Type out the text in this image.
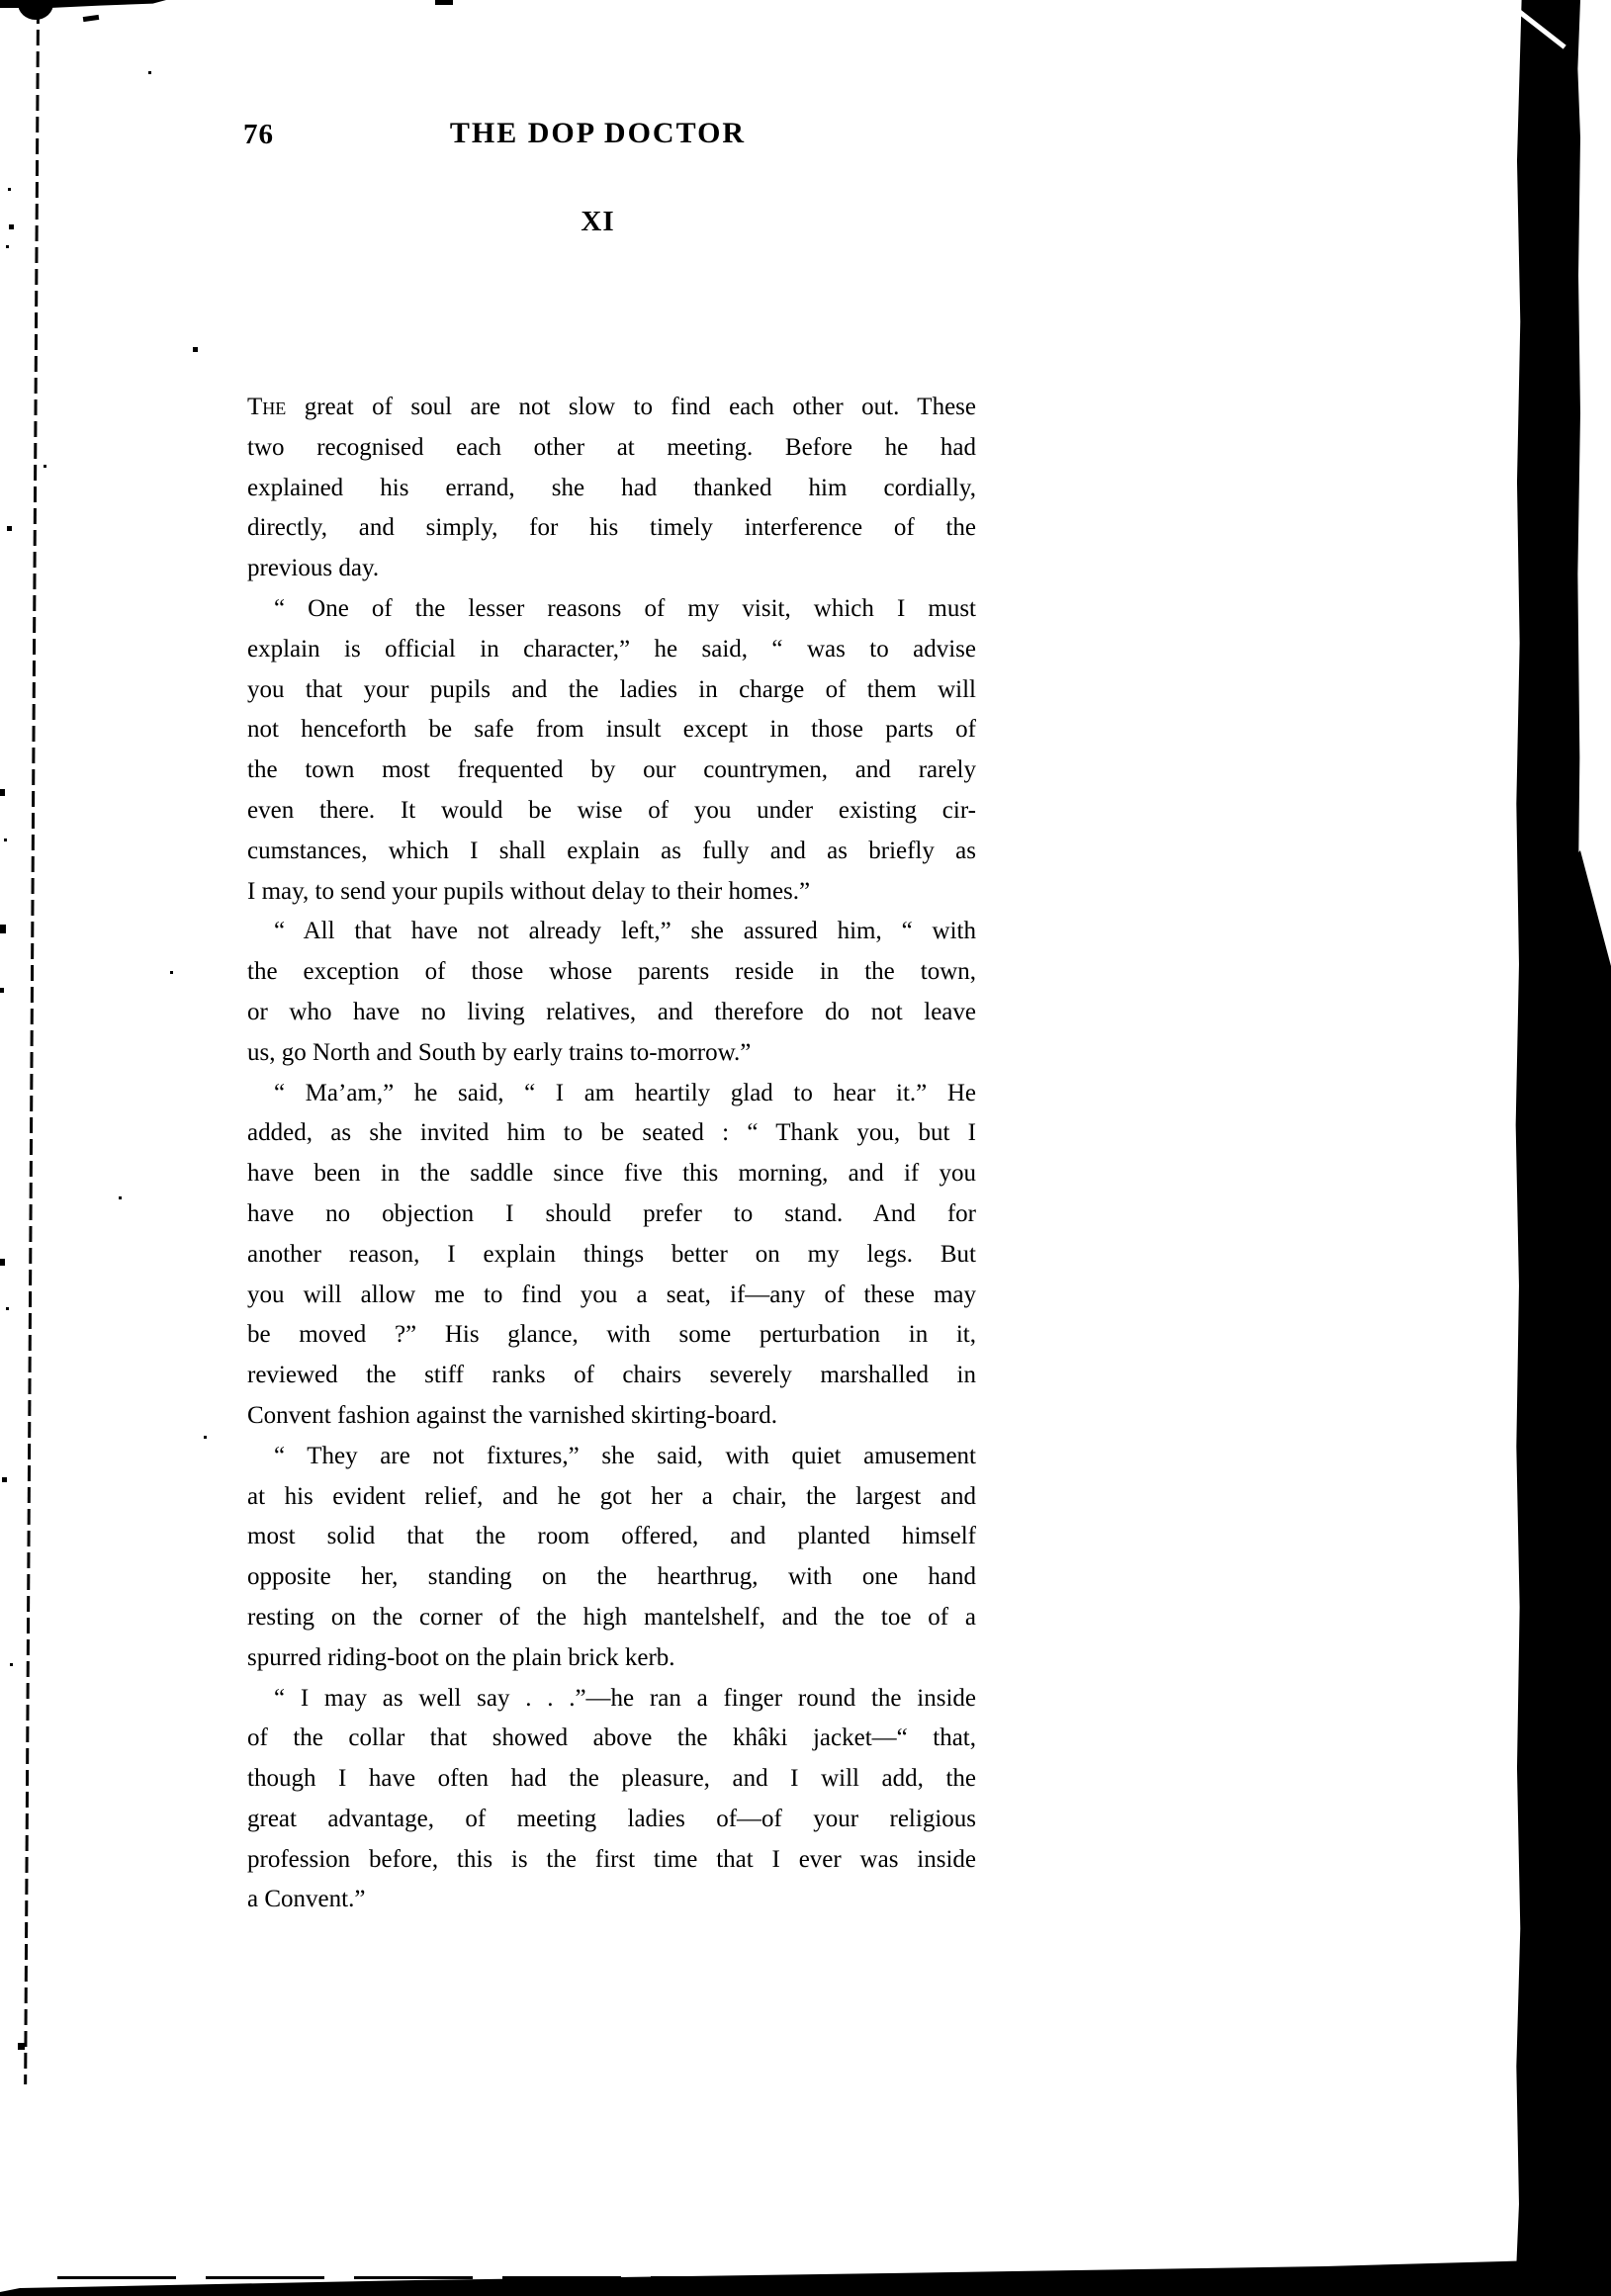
76	THE DOP DOCTOR
XI
The great of soul are not slow to find each other out. These
two recognised each other at meeting. Before he had
explained his errand, she had thanked him cordially,
directly, and simply, for his timely interference of the
previous day.
“ One of the lesser reasons of my visit, which I must
explain is official in character,” he said, “ was to advise
you that your pupils and the ladies in charge of them will
not henceforth be safe from insult except in those parts of
the town most frequented by our countrymen, and rarely
even there. It would be wise of you under existing cir-
cumstances, which I shall explain as fully and as briefly as
I may, to send your pupils without delay to their homes.”
“ All that have not already left,” she assured him, “ with
the exception of those whose parents reside in the town,
or who have no living relatives, and therefore do not leave
us, go North and South by early trains to-morrow.”
“ Ma’am,” he said, “ I am heartily glad to hear it.” He
added, as she invited him to be seated : “ Thank you, but I
have been in the saddle since five this morning, and if you
have no objection I should prefer to stand. And for
another reason, I explain things better on my legs. But
you will allow me to find you a seat, if—any of these may
be moved ?” His glance, with some perturbation in it,
reviewed the stiff ranks of chairs severely marshalled in
Convent fashion against the varnished skirting-board.
“ They are not fixtures,” she said, with quiet amusement
at his evident relief, and he got her a chair, the largest and
most solid that the room offered, and planted himself
opposite her, standing on the hearthrug, with one hand
resting on the corner of the high mantelshelf, and the toe of a
spurred riding-boot on the plain brick kerb.
“ I may as well say . . .”—he ran a finger round the inside
of the collar that showed above the khâki jacket—“ that,
though I have often had the pleasure, and I will add, the
great advantage, of meeting ladies of—of your religious
profession before, this is the first time that I ever was inside
a Convent.”
